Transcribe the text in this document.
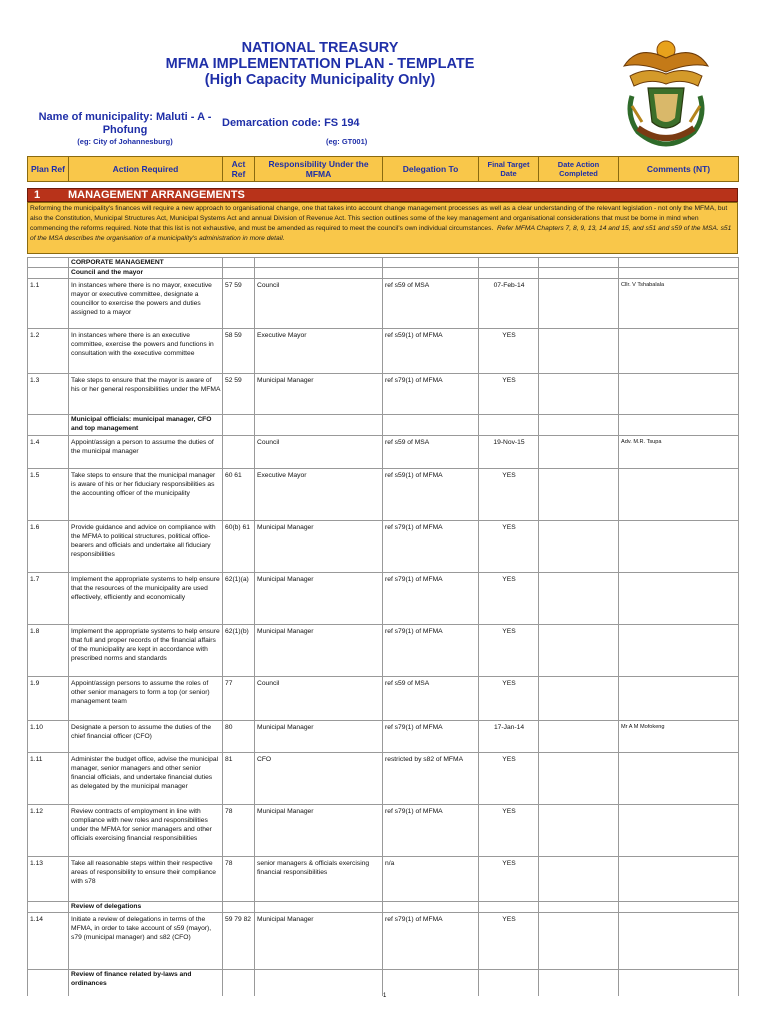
NATIONAL TREASURY
MFMA IMPLEMENTATION PLAN - TEMPLATE
(High Capacity Municipality Only)
Name of municipality: Maluti - A - Phofung
Demarcation code: FS 194
(eg: City of Johannesburg)	(eg: GT001)
Plan Ref	Action Required	Act Ref	Responsibility Under the MFMA	Delegation To	Final Target Date	Date Action Completed	Comments (NT)
1	MANAGEMENT ARRANGEMENTS
Reforming the municipality's finances will require a new approach to organisational change, one that takes into account change management processes as well as a clear understanding of the relevant legislation - not only the MFMA, but also the Constitution, Municipal Structures Act, Municipal Systems Act and annual Division of Revenue Act. This section outlines some of the key management and organisational considerations that must be borne in mind when commencing the reforms required. Note that this list is not exhaustive, and must be amended as required to meet the council's own individual circumstances. Refer MFMA Chapters 7, 8, 9, 13, 14 and 15, and s51 and s59 of the MSA. s51 of the MSA describes the organisation of a municipality's administration in more detail.
	CORPORATE MANAGEMENT						
	Council and the mayor						
1.1	In instances where there is no mayor, executive mayor or executive committee, designate a councillor to exercise the powers and duties assigned to a mayor	57 59	Council	ref s59 of MSA	07-Feb-14		Cllr. V Tshabalala
1.2	In instances where there is an executive committee, exercise the powers and functions in consultation with the executive committee	58 59	Executive Mayor	ref s59(1) of MFMA	YES		
1.3	Take steps to ensure that the mayor is aware of his or her general responsibilities under the MFMA	52 59	Municipal Manager	ref s79(1) of MFMA	YES		
	Municipal officials: municipal manager, CFO and top management						
1.4	Appoint/assign a person to assume the duties of the municipal manager		Council	ref s59 of MSA	19-Nov-15		Adv. M.R. Tsupa
1.5	Take steps to ensure that the municipal manager is aware of his or her fiduciary responsibilities as the accounting officer of the municipality	60 61	Executive Mayor	ref s59(1) of MFMA	YES		
1.6	Provide guidance and advice on compliance with the MFMA to political structures, political office-bearers and officials and undertake all fiduciary responsibilities	60(b) 61	Municipal Manager	ref s79(1) of MFMA	YES		
1.7	Implement the appropriate systems to help ensure that the resources of the municipality are used effectively, efficiently and economically	62(1)(a)	Municipal Manager	ref s79(1) of MFMA	YES		
1.8	Implement the appropriate systems to help ensure that full and proper records of the financial affairs of the municipality are kept in accordance with prescribed norms and standards	62(1)(b)	Municipal Manager	ref s79(1) of MFMA	YES		
1.9	Appoint/assign persons to assume the roles of other senior managers to form a top (or senior) management team	77	Council	ref s59 of MSA	YES		
1.10	Designate a person to assume the duties of the chief financial officer (CFO)	80	Municipal Manager	ref s79(1) of MFMA	17-Jan-14		Mr A M Mofokeng
1.11	Administer the budget office, advise the municipal manager, senior managers and other senior financial officials, and undertake financial duties as delegated by the municipal manager	81	CFO	restricted by s82 of MFMA	YES		
1.12	Review contracts of employment in line with compliance with new roles and responsibilities under the MFMA for senior managers and other officials exercising financial responsibilities	78	Municipal Manager	ref s79(1) of MFMA	YES		
1.13	Take all reasonable steps within their respective areas of responsibility to ensure their compliance with s78	78	senior managers & officials exercising financial responsibilities	n/a	YES		
	Review of delegations						
1.14	Initiate a review of delegations in terms of the MFMA, in order to take account of s59 (mayor), s79 (municipal manager) and s82 (CFO)	59 79 82	Municipal Manager	ref s79(1) of MFMA	YES		
	Review of finance related by-laws and ordinances						
1
